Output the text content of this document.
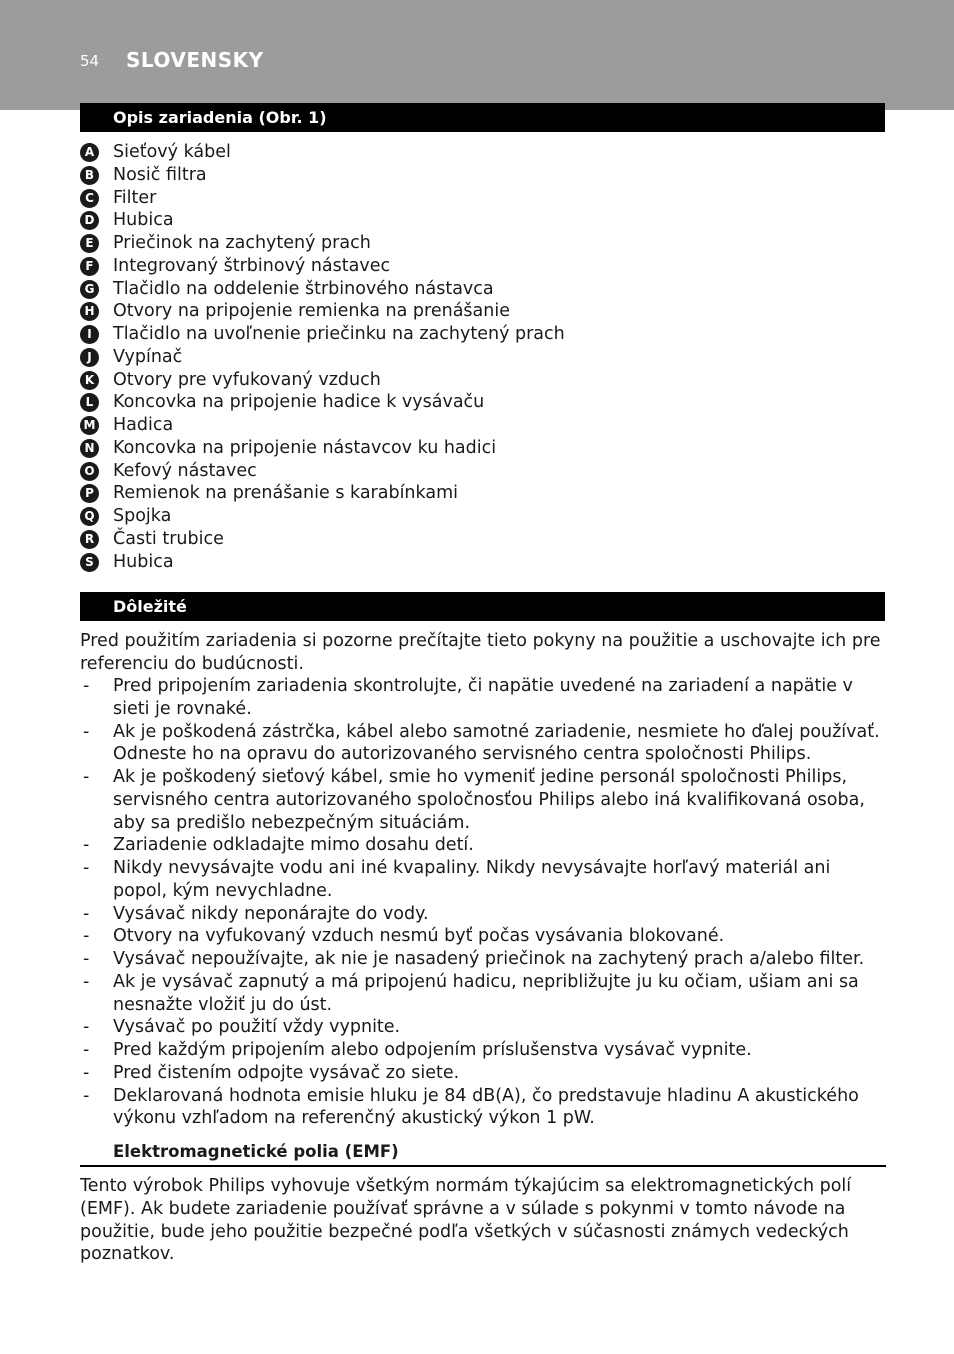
54 SLOVENSKY
Opis zariadenia (Obr. 1)
A Sieťový kábel
B Nosič filtra
C Filter
D Hubica
E	Priečinok na zachytený prach
F	Integrovaný štrbinový nástavec
G Tlačidlo na oddelenie štrbinového nástavca
H Otvory na pripojenie remienka na prenášanie
I	Tlačidlo na uvoľnenie priečinku na zachytený prach
J	Vypínač
K Otvory pre vyfukovaný vzduch
L	Koncovka na pripojenie hadice k vysávaču
M Hadica
N Koncovka na pripojenie nástavcov ku hadici
O Kefový nástavec
P Remienok na prenášanie s karabínkami
Q Spojka
R Časti trubice
S Hubica
Dôležité
Pred použitím zariadenia si pozorne prečítajte tieto pokyny na použitie a uschovajte ich pre referenciu do budúcnosti.
- Pred pripojením zariadenia skontrolujte, či napätie uvedené na zariadení a napätie v sieti je rovnaké.
- Ak je poškodená zástrčka, kábel alebo samotné zariadenie, nesmiete ho ďalej používať. Odneste ho na opravu do autorizovaného servisného centra spoločnosti Philips.
- Ak je poškodený sieťový kábel, smie ho vymeniť jedine personál spoločnosti Philips, servisného centra autorizovaného spoločnosťou Philips alebo iná kvalifikovaná osoba, aby sa predišlo nebezpečným situáciám.
- Zariadenie odkladajte mimo dosahu detí.
- Nikdy nevysávajte vodu ani iné kvapaliny. Nikdy nevysávajte horľavý materiál ani popol, kým nevychladne.
- Vysávač nikdy neponárajte do vody.
- Otvory na vyfukovaný vzduch nesmú byť počas vysávania blokované.
- Vysávač nepoužívajte, ak nie je nasadený priečinok na zachytený prach a/alebo filter.
- Ak je vysávač zapnutý a má pripojenú hadicu, nepribližujte ju ku očiam, ušiam ani sa nesnažte vložiť ju do úst.
- Vysávač po použití vždy vypnite.
- Pred každým pripojením alebo odpojením príslušenstva vysávač vypnite.
- Pred čistením odpojte vysávač zo siete.
- Deklarovaná hodnota emisie hluku je 84 dB(A), čo predstavuje hladinu A akustického výkonu vzhľadom na referenčný akustický výkon 1 pW.
Elektromagnetické polia (EMF)
Tento výrobok Philips vyhovuje všetkým normám týkajúcim sa elektromagnetických polí (EMF). Ak budete zariadenie používať správne a v súlade s pokynmi v tomto návode na použitie, bude jeho použitie bezpečné podľa všetkých v súčasnosti známych vedeckých poznatkov.
